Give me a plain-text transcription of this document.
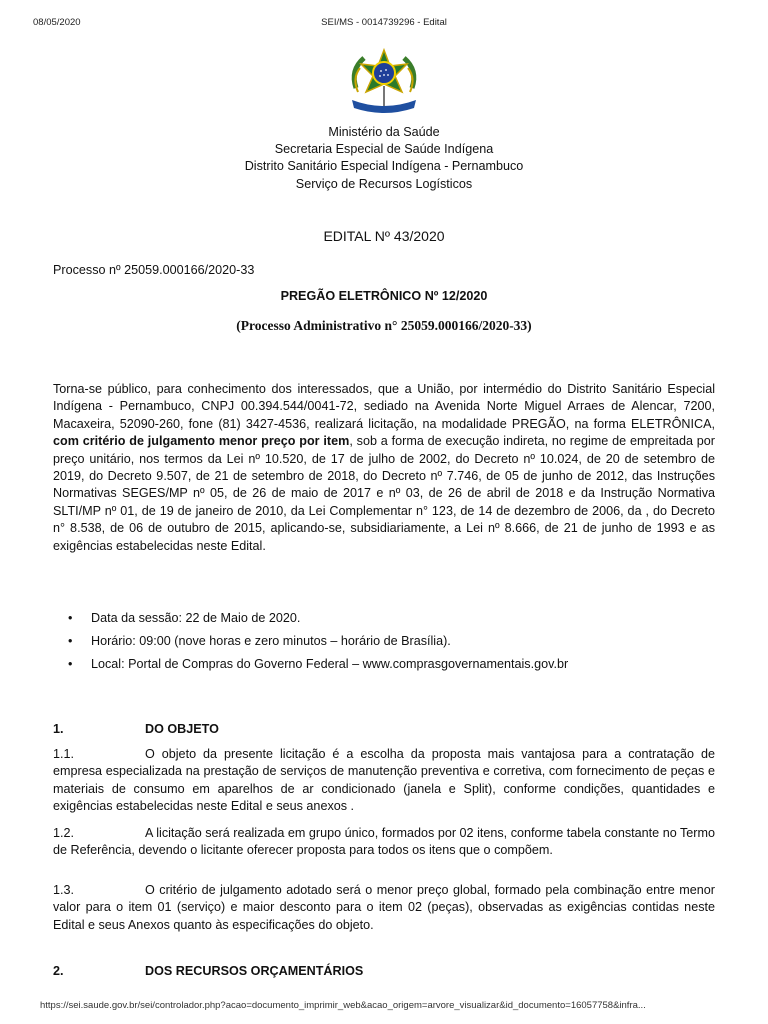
08/05/2020	SEI/MS - 0014739296 - Edital
Ministério da Saúde
Secretaria Especial de Saúde Indígena
Distrito Sanitário Especial Indígena - Pernambuco
Serviço de Recursos Logísticos
EDITAL Nº 43/2020
Processo nº 25059.000166/2020-33
PREGÃO ELETRÔNICO Nº 12/2020
(Processo Administrativo n° 25059.000166/2020-33)
Torna-se público, para conhecimento dos interessados, que a União, por intermédio do Distrito Sanitário Especial Indígena - Pernambuco, CNPJ 00.394.544/0041-72, sediado na Avenida Norte Miguel Arraes de Alencar, 7200, Macaxeira, 52090-260, fone (81) 3427-4536, realizará licitação, na modalidade PREGÃO, na forma ELETRÔNICA, com critério de julgamento menor preço por item, sob a forma de execução indireta, no regime de empreitada por preço unitário, nos termos da Lei nº 10.520, de 17 de julho de 2002, do Decreto nº 10.024, de 20 de setembro de 2019, do Decreto 9.507, de 21 de setembro de 2018, do Decreto nº 7.746, de 05 de junho de 2012, das Instruções Normativas SEGES/MP nº 05, de 26 de maio de 2017 e nº 03, de 26 de abril de 2018 e da Instrução Normativa SLTI/MP nº 01, de 19 de janeiro de 2010, da Lei Complementar n° 123, de 14 de dezembro de 2006, da , do Decreto n° 8.538, de 06 de outubro de 2015, aplicando-se, subsidiariamente, a Lei nº 8.666, de 21 de junho de 1993 e as exigências estabelecidas neste Edital.
• Data da sessão: 22 de Maio de 2020.
• Horário: 09:00 (nove horas e zero minutos – horário de Brasília).
• Local: Portal de Compras do Governo Federal – www.comprasgovernamentais.gov.br
1.	DO OBJETO
1.1.	O objeto da presente licitação é a escolha da proposta mais vantajosa para a contratação de empresa especializada na prestação de serviços de manutenção preventiva e corretiva, com fornecimento de peças e materiais de consumo em aparelhos de ar condicionado (janela e Split), conforme condições, quantidades e exigências estabelecidas neste Edital e seus anexos .
1.2.	A licitação será realizada em grupo único, formados por 02 itens, conforme tabela constante no Termo de Referência, devendo o licitante oferecer proposta para todos os itens que o compõem.
1.3.	O critério de julgamento adotado será o menor preço global, formado pela combinação entre menor valor para o item 01 (serviço) e maior desconto para o item 02 (peças), observadas as exigências contidas neste Edital e seus Anexos quanto às especificações do objeto.
2.	DOS RECURSOS ORÇAMENTÁRIOS
https://sei.saude.gov.br/sei/controlador.php?acao=documento_imprimir_web&acao_origem=arvore_visualizar&id_documento=16057758&infra...
